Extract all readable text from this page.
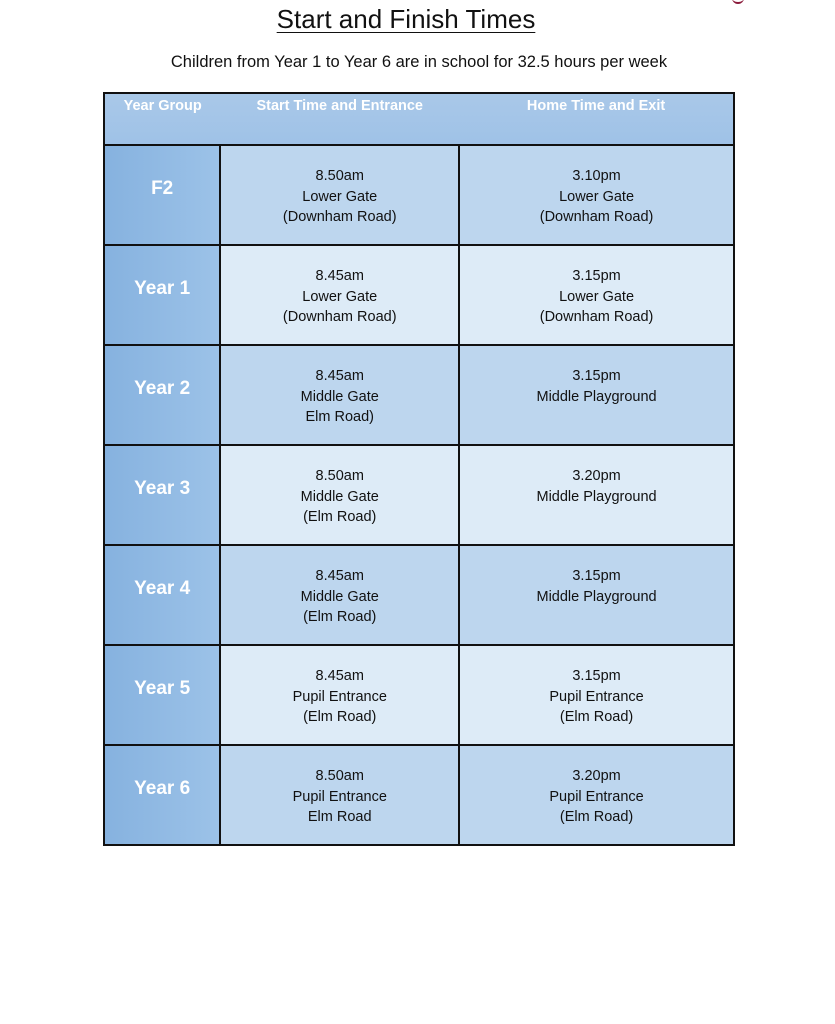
Start and Finish Times

Children from Year 1 to Year 6 are in school for 32.5 hours per week

Year Group	Start Time and Entrance	Home Time and Exit
F2	8.50am
Lower Gate
(Downham Road)	3.10pm
Lower Gate
(Downham Road)

Year 1	8.45am
Lower Gate
(Downham Road)	3.15pm
Lower Gate
(Downham Road)

Year 2	8.45am
Middle Gate
Elm Road)	3.15pm
Middle Playground

Year 3	8.50am
Middle Gate
(Elm Road)	3.20pm
Middle Playground

Year 4	8.45am
Middle Gate
(Elm Road)	3.15pm
Middle Playground

Year 5	8.45am
Pupil Entrance
(Elm Road)	3.15pm
Pupil Entrance
(Elm Road)

Year 6	8.50am
Pupil Entrance
Elm Road	3.20pm
Pupil Entrance
(Elm Road)
